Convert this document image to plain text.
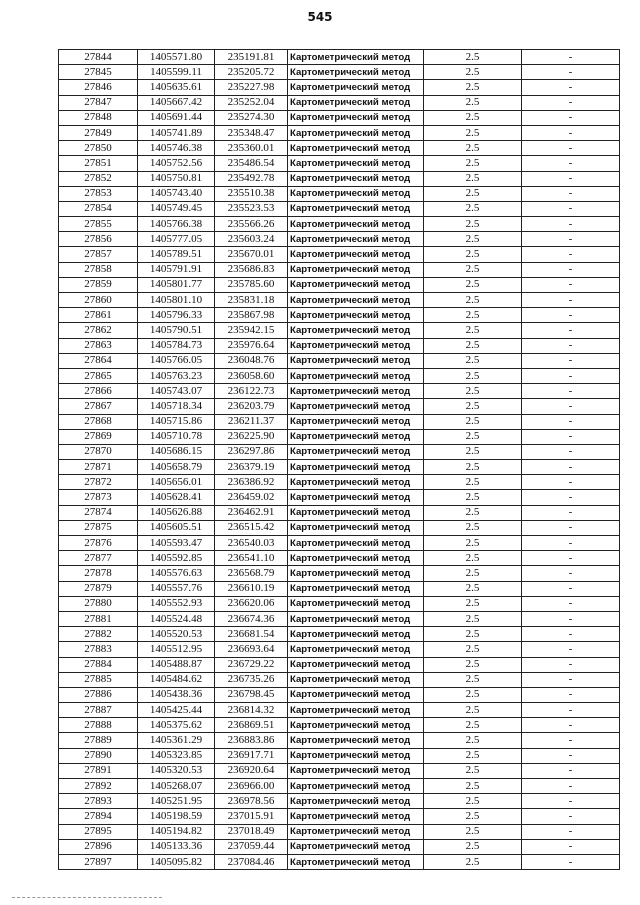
545
27844	1405571.80	235191.81	Картометрический метод	2.5	-
27845	1405599.11	235205.72	Картометрический метод	2.5	-
27846	1405635.61	235227.98	Картометрический метод	2.5	-
27847	1405667.42	235252.04	Картометрический метод	2.5	-
27848	1405691.44	235274.30	Картометрический метод	2.5	-
27849	1405741.89	235348.47	Картометрический метод	2.5	-
27850	1405746.38	235360.01	Картометрический метод	2.5	-
27851	1405752.56	235486.54	Картометрический метод	2.5	-
27852	1405750.81	235492.78	Картометрический метод	2.5	-
27853	1405743.40	235510.38	Картометрический метод	2.5	-
27854	1405749.45	235523.53	Картометрический метод	2.5	-
27855	1405766.38	235566.26	Картометрический метод	2.5	-
27856	1405777.05	235603.24	Картометрический метод	2.5	-
27857	1405789.51	235670.01	Картометрический метод	2.5	-
27858	1405791.91	235686.83	Картометрический метод	2.5	-
27859	1405801.77	235785.60	Картометрический метод	2.5	-
27860	1405801.10	235831.18	Картометрический метод	2.5	-
27861	1405796.33	235867.98	Картометрический метод	2.5	-
27862	1405790.51	235942.15	Картометрический метод	2.5	-
27863	1405784.73	235976.64	Картометрический метод	2.5	-
27864	1405766.05	236048.76	Картометрический метод	2.5	-
27865	1405763.23	236058.60	Картометрический метод	2.5	-
27866	1405743.07	236122.73	Картометрический метод	2.5	-
27867	1405718.34	236203.79	Картометрический метод	2.5	-
27868	1405715.86	236211.37	Картометрический метод	2.5	-
27869	1405710.78	236225.90	Картометрический метод	2.5	-
27870	1405686.15	236297.86	Картометрический метод	2.5	-
27871	1405658.79	236379.19	Картометрический метод	2.5	-
27872	1405656.01	236386.92	Картометрический метод	2.5	-
27873	1405628.41	236459.02	Картометрический метод	2.5	-
27874	1405626.88	236462.91	Картометрический метод	2.5	-
27875	1405605.51	236515.42	Картометрический метод	2.5	-
27876	1405593.47	236540.03	Картометрический метод	2.5	-
27877	1405592.85	236541.10	Картометрический метод	2.5	-
27878	1405576.63	236568.79	Картометрический метод	2.5	-
27879	1405557.76	236610.19	Картометрический метод	2.5	-
27880	1405552.93	236620.06	Картометрический метод	2.5	-
27881	1405524.48	236674.36	Картометрический метод	2.5	-
27882	1405520.53	236681.54	Картометрический метод	2.5	-
27883	1405512.95	236693.64	Картометрический метод	2.5	-
27884	1405488.87	236729.22	Картометрический метод	2.5	-
27885	1405484.62	236735.26	Картометрический метод	2.5	-
27886	1405438.36	236798.45	Картометрический метод	2.5	-
27887	1405425.44	236814.32	Картометрический метод	2.5	-
27888	1405375.62	236869.51	Картометрический метод	2.5	-
27889	1405361.29	236883.86	Картометрический метод	2.5	-
27890	1405323.85	236917.71	Картометрический метод	2.5	-
27891	1405320.53	236920.64	Картометрический метод	2.5	-
27892	1405268.07	236966.00	Картометрический метод	2.5	-
27893	1405251.95	236978.56	Картометрический метод	2.5	-
27894	1405198.59	237015.91	Картометрический метод	2.5	-
27895	1405194.82	237018.49	Картометрический метод	2.5	-
27896	1405133.36	237059.44	Картометрический метод	2.5	-
27897	1405095.82	237084.46	Картометрический метод	2.5	-
